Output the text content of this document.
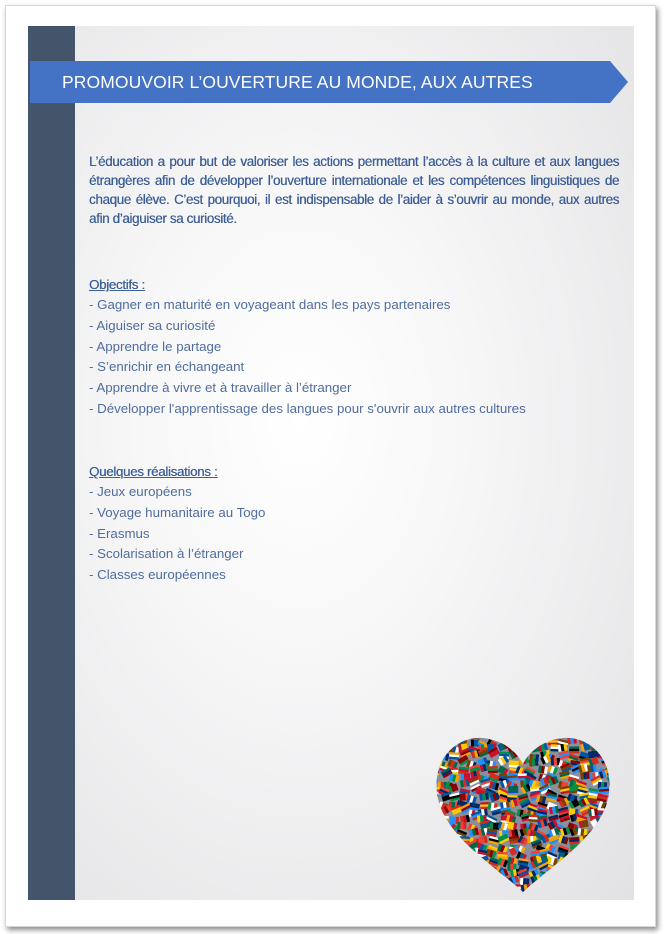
PROMOUVOIR L’OUVERTURE AU MONDE, AUX AUTRES
L’éducation a pour but de valoriser les actions permettant l’accès à la culture et aux langues étrangères afin de développer l’ouverture internationale et les compétences linguistiques de chaque élève. C’est pourquoi, il est indispensable de l’aider à s’ouvrir au monde, aux autres afin d’aiguiser sa curiosité.
Objectifs :
- Gagner en maturité en voyageant dans les pays partenaires
- Aiguiser sa curiosité
- Apprendre le partage
- S’enrichir en échangeant
- Apprendre à vivre et à travailler à l’étranger
- Développer l'apprentissage des langues pour s'ouvrir aux autres cultures
Quelques réalisations :
- Jeux européens
- Voyage humanitaire au Togo
- Erasmus
- Scolarisation à l’étranger
- Classes européennes
